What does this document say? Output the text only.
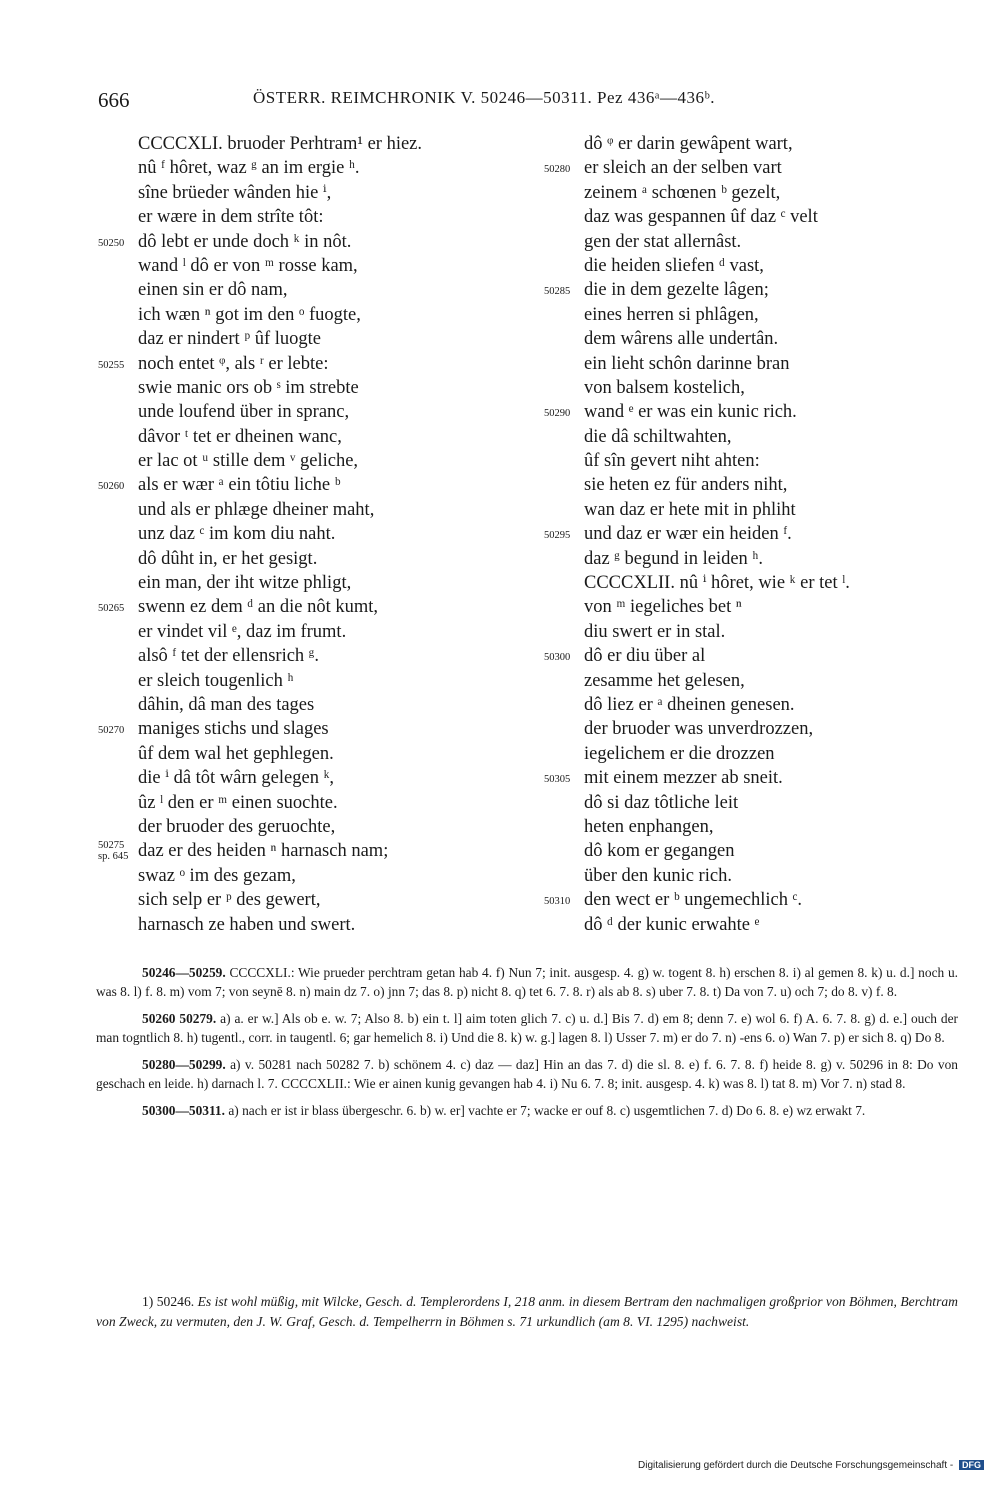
666	ÖSTERR. REIMCHRONIK V. 50246—50311. Pez 436ᵃ—436ᵇ.
CCCCXLI. bruoder Perhtram¹ er hiez.
nû ᶠ hôret, waz ᵍ an im ergie ʰ.
sîne brüeder wânden hie ⁱ,
er wære in dem strîte tôt:
50250 dô lebt er unde doch ᵏ in nôt.
wand ˡ dô er von ᵐ rosse kam,
einen sin er dô nam,
ich wæn ⁿ got im den ᵒ fuogte,
daz er nindert ᵖ ûf luogte
50255 noch entet ᵠ, als ʳ er lebte:
swie manic ors ob ˢ im strebte
unde loufend über in spranc,
dâvor ᵗ tet er dheinen wanc,
er lac ot ᵘ stille dem ᵛ geliche,
50260 als er wær ᵃ ein tôtiu liche ᵇ
und als er phlæge dheiner maht,
unz daz ᶜ im kom diu naht.
dô dûht in, er het gesigt.
ein man, der iht witze phligt,
50265 swenn ez dem ᵈ an die nôt kumt,
er vindet vil ᵉ, daz im frumt.
alsô ᶠ tet der ellensrich ᵍ.
er sleich tougenlich ʰ
dâhin, dâ man des tages
50270 maniges stichs und slages
ûf dem wal het gephlegen.
die ⁱ dâ tôt wârn gelegen ᵏ,
ûz ˡ den er ᵐ einen suochte.
der bruoder des geruochte,
50275
sp. 645 daz er des heiden ⁿ harnasch nam;
swaz ᵒ im des gezam,
sich selp er ᵖ des gewert,
harnasch ze haben und swert.
dô ᵠ er darin gewâpent wart,
50280 er sleich an der selben vart
zeinem ᵃ schœnen ᵇ gezelt,
daz was gespannen ûf daz ᶜ velt
gen der stat allernâst.
die heiden sliefen ᵈ vast,
50285 die in dem gezelte lâgen;
eines herren si phlâgen,
dem wârens alle undertân.
ein lieht schôn darinne bran
von balsem kostelich,
50290 wand ᵉ er was ein kunic rich.
die dâ schiltwahten,
ûf sîn gevert niht ahten:
sie heten ez für anders niht,
wan daz er hete mit in phliht
50295 und daz er wær ein heiden ᶠ.
daz ᵍ begund in leiden ʰ.
CCCCXLII. nû ⁱ hôret, wie ᵏ er tet ˡ.
von ᵐ iegeliches bet ⁿ
diu swert er in stal.
50300 dô er diu über al
zesamme het gelesen,
dô liez er ᵃ dheinen genesen.
der bruoder was unverdrozzen,
iegelichem er die drozzen
50305 mit einem mezzer ab sneit.
dô si daz tôtliche leit
heten enphangen,
dô kom er gegangen
über den kunic rich.
50310 den wect er ᵇ ungemechlich ᶜ.
dô ᵈ der kunic erwahte ᵉ

50246—50259. CCCCXLI.: Wie prueder perchtram getan hab 4. f) Nun 7; init. ausgesp. 4. g) w. togent 8. h) erschen 8. i) al gemen 8. k) u. d.] noch u. was 8. l) f. 8. m) vom 7; von seynē 8. n) main dz 7. o) jnn 7; das 8. p) nicht 8. q) tet 6. 7. 8. r) als ab 8. s) uber 7. 8. t) Da von 7. u) och 7; do 8. v) f. 8.

50260 50279. a) a. er w.] Als ob e. w. 7; Also 8. b) ein t. l] aim toten glich 7. c) u. d.] Bis 7. d) em 8; denn 7. e) wol 6. f) A. 6. 7. 8. g) d. e.] ouch der man togntlich 8. h) tugentl., corr. in taugentl. 6; gar hemelich 8. i) Und die 8. k) w. g.] lagen 8. l) Usser 7. m) er do 7. n) -ens 6. o) Wan 7. p) er sich 8. q) Do 8.

50280—50299. a) v. 50281 nach 50282 7. b) schönem 4. c) daz — daz] Hin an das 7. d) die sl. 8. e) f. 6. 7. 8. f) heide 8. g) v. 50296 in 8: Do von geschach en leide. h) darnach l. 7. CCCCXLII.: Wie er ainen kunig gevangen hab 4. i) Nu 6. 7. 8; init. ausgesp. 4. k) was 8. l) tat 8. m) Vor 7. n) stad 8.

50300—50311. a) nach er ist ir blass übergeschr. 6. b) w. er] vachte er 7; wacke er ouf 8. c) usgemtlichen 7. d) Do 6. 8. e) wz erwakt 7.

1) 50246. Es ist wohl müßig, mit Wilcke, Gesch. d. Templerordens I, 218 anm. in diesem Bertram den nachmaligen großprior von Böhmen, Berchtram von Zweck, zu vermuten, den J. W. Graf, Gesch. d. Tempelherrn in Böhmen s. 71 urkundlich (am 8. VI. 1295) nachweist.
Digitalisierung gefördert durch die Deutsche Forschungsgemeinschaft - DFG
